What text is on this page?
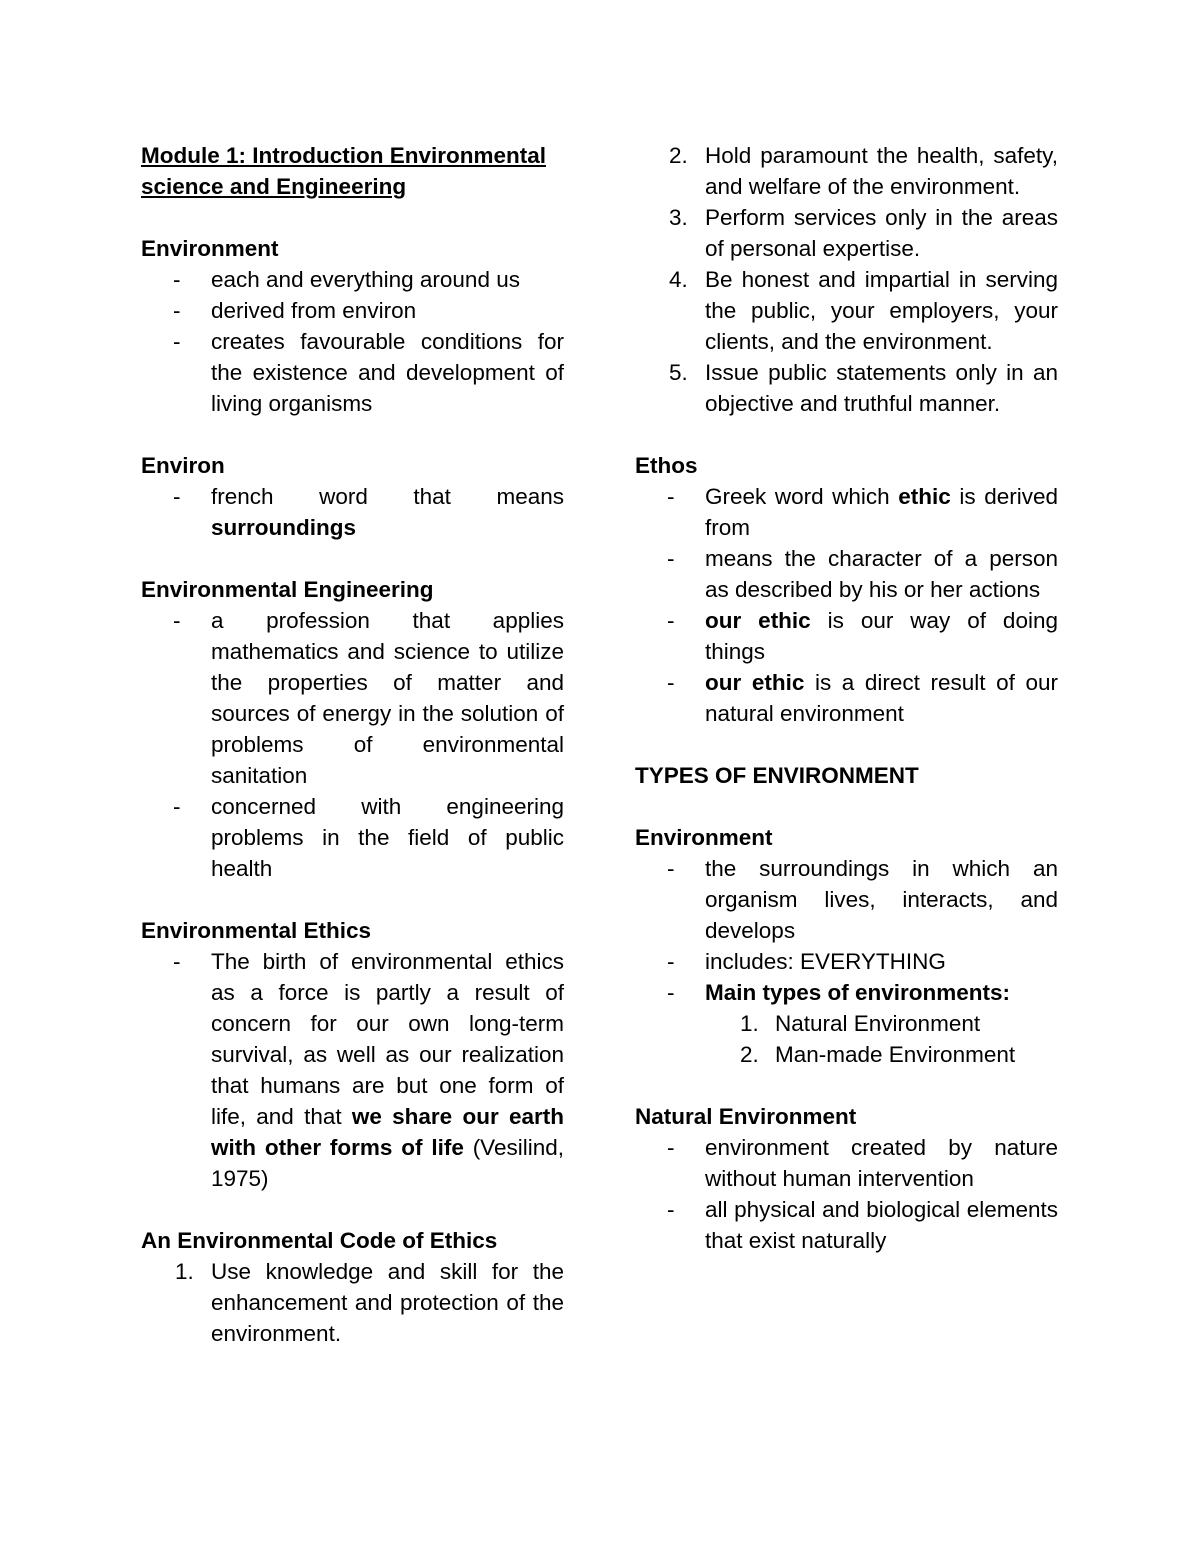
Module 1: Introduction Environmental
science and Engineering
Environment
- each and everything around us
- derived from environ
- creates favourable conditions for the existence and development of living organisms
Environ
- french word that means surroundings
Environmental Engineering
- a profession that applies mathematics and science to utilize the properties of matter and sources of energy in the solution of problems of environmental sanitation
- concerned with engineering problems in the field of public health
Environmental Ethics
- The birth of environmental ethics as a force is partly a result of concern for our own long-term survival, as well as our realization that humans are but one form of life, and that we share our earth with other forms of life (Vesilind, 1975)
An Environmental Code of Ethics
1. Use knowledge and skill for the enhancement and protection of the environment.
2. Hold paramount the health, safety, and welfare of the environment.
3. Perform services only in the areas of personal expertise.
4. Be honest and impartial in serving the public, your employers, your clients, and the environment.
5. Issue public statements only in an objective and truthful manner.
Ethos
- Greek word which ethic is derived from
- means the character of a person as described by his or her actions
- our ethic is our way of doing things
- our ethic is a direct result of our natural environment
TYPES OF ENVIRONMENT
Environment
- the surroundings in which an organism lives, interacts, and develops
- includes: EVERYTHING
- Main types of environments:
1. Natural Environment
2. Man-made Environment
Natural Environment
- environment created by nature without human intervention
- all physical and biological elements that exist naturally
